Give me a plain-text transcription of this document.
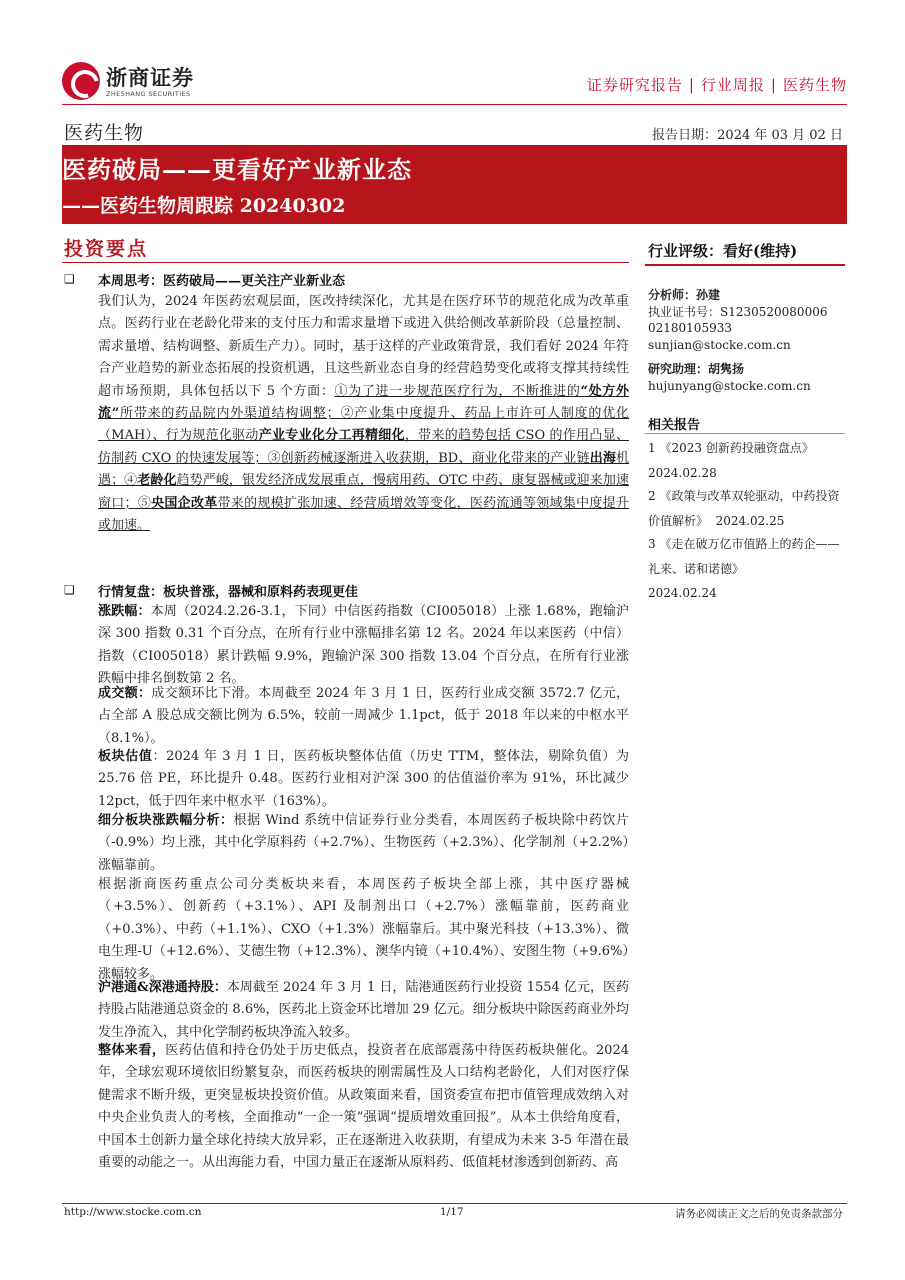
浙商证券
ZHESHANG SECURITIES	证券研究报告 | 行业周报 | 医药生物
医药生物	报告日期：2024 年 03 月 02 日
医药破局——更看好产业新业态
——医药生物周跟踪 20240302
投资要点
❑ 本周思考：医药破局——更关注产业新业态
我们认为，2024 年医药宏观层面，医改持续深化，尤其是在医疗环节的规范化成为改革重点。医药行业在老龄化带来的支付压力和需求量增下或进入供给侧改革新阶段（总量控制、需求量增、结构调整、新质生产力）。同时，基于这样的产业政策背景，我们看好 2024 年符合产业趋势的新业态拓展的投资机遇，且这些新业态自身的经营趋势变化或将支撑其持续性超市场预期，具体包括以下 5 个方面：①为了进一步规范医疗行为，不断推进的“处方外流”所带来的药品院内外渠道结构调整；②产业集中度提升、药品上市许可人制度的优化（MAH）、行为规范化驱动产业专业化分工再精细化，带来的趋势包括 CSO 的作用凸显、仿制药 CXO 的快速发展等；③创新药械逐渐进入收获期，BD、商业化带来的产业链出海机遇；④老龄化趋势严峻，银发经济成发展重点，慢病用药、OTC 中药、康复器械或迎来加速窗口；⑤央国企改革带来的规模扩张加速、经营质增效等变化，医药流通等领域集中度提升或加速。
❑ 行情复盘：板块普涨，器械和原料药表现更佳
涨跌幅：本周（2024.2.26-3.1，下同）中信医药指数（CI005018）上涨 1.68%，跑输沪深 300 指数 0.31 个百分点，在所有行业中涨幅排名第 12 名。2024 年以来医药（中信）指数（CI005018）累计跌幅 9.9%，跑输沪深 300 指数 13.04 个百分点，在所有行业涨跌幅中排名倒数第 2 名。
成交额：成交额环比下滑。本周截至 2024 年 3 月 1 日，医药行业成交额 3572.7 亿元，占全部 A 股总成交额比例为 6.5%，较前一周减少 1.1pct，低于 2018 年以来的中枢水平（8.1%）。
板块估值：2024 年 3 月 1 日，医药板块整体估值（历史 TTM，整体法，剔除负值）为 25.76 倍 PE，环比提升 0.48。医药行业相对沪深 300 的估值溢价率为 91%，环比减少 12pct，低于四年来中枢水平（163%）。
细分板块涨跌幅分析：根据 Wind 系统中信证券行业分类看，本周医药子板块除中药饮片（-0.9%）均上涨，其中化学原料药（+2.7%）、生物医药（+2.3%）、化学制剂（+2.2%）涨幅靠前。
根据浙商医药重点公司分类板块来看，本周医药子板块全部上涨，其中医疗器械（+3.5%）、创新药（+3.1%）、API 及制剂出口（+2.7%）涨幅靠前，医药商业（+0.3%）、中药（+1.1%）、CXO（+1.3%）涨幅靠后。其中聚光科技（+13.3%）、微电生理-U（+12.6%）、艾德生物（+12.3%）、澳华内镜（+10.4%）、安图生物（+9.6%）涨幅较多。
沪港通&深港通持股：本周截至 2024 年 3 月 1 日，陆港通医药行业投资 1554 亿元，医药持股占陆港通总资金的 8.6%，医药北上资金环比增加 29 亿元。细分板块中除医药商业外均发生净流入，其中化学制药板块净流入较多。
整体来看，医药估值和持仓仍处于历史低点，投资者在底部震荡中待医药板块催化。2024 年，全球宏观环境依旧纷繁复杂，而医药板块的刚需属性及人口结构老龄化，人们对医疗保健需求不断升级，更突显板块投资价值。从政策面来看，国资委宣布把市值管理成效纳入对中央企业负责人的考核，全面推动“一企一策”强调“提质增效重回报”。从本土供给角度看，中国本土创新力量全球化持续大放异彩，正在逐渐进入收获期，有望成为未来 3-5 年潜在最重要的动能之一。从出海能力看，中国力量正在逐渐从原料药、低值耗材渗透到创新药、高
行业评级：看好(维持)
分析师：孙建
执业证书号：S1230520080006
02180105933
sunjian@stocke.com.cn
研究助理：胡隽扬
hujunyang@stocke.com.cn
相关报告
1 《2023 创新药投融资盘点》
2024.02.28
2 《政策与改革双轮驱动，中药投资价值解析》 2024.02.25
3 《走在破万亿市值路上的药企——礼来、诺和诺德》
2024.02.24
http://www.stocke.com.cn	1/17	请务必阅读正文之后的免责条款部分
